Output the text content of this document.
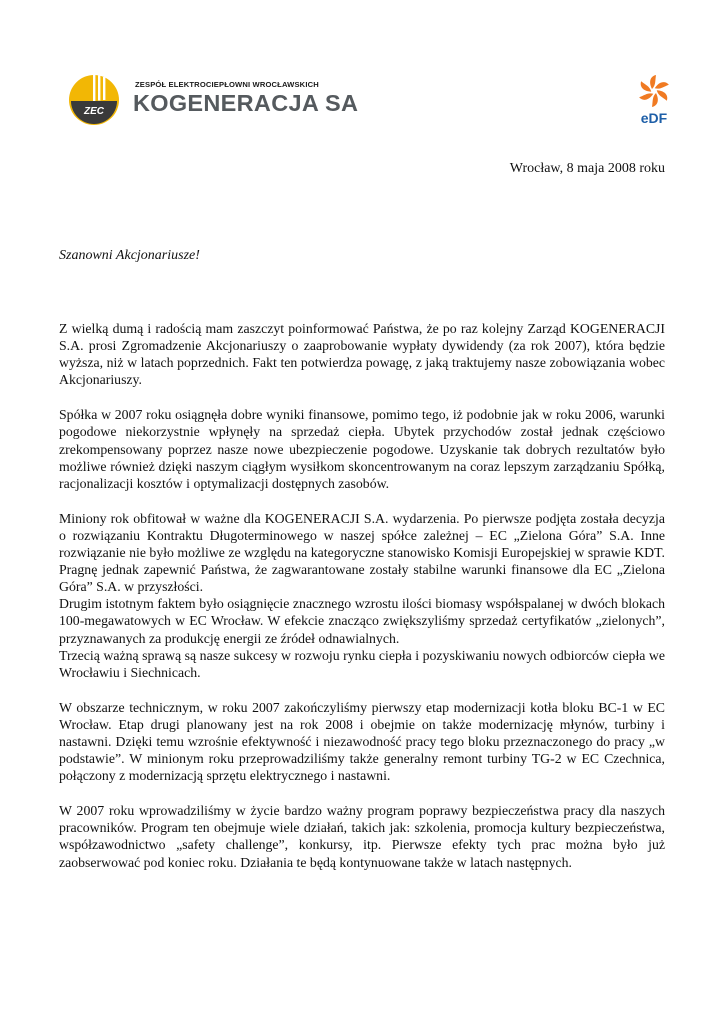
ZEC
ZESPÓŁ ELEKTROCIEPŁOWNI WROCŁAWSKICH
KOGENERACJA SA
eDF
Wrocław, 8 maja 2008 roku
Szanowni Akcjonariusze!

Z wielką dumą i radością mam zaszczyt poinformować Państwa, że po raz kolejny Zarząd KOGENERACJI S.A. prosi Zgromadzenie Akcjonariuszy o zaaprobowanie wypłaty dywidendy (za rok 2007), która będzie wyższa, niż w latach poprzednich. Fakt ten potwierdza powagę, z jaką traktujemy nasze zobowiązania wobec Akcjonariuszy.

Spółka w 2007 roku osiągnęła dobre wyniki finansowe, pomimo tego, iż podobnie jak w roku 2006, warunki pogodowe niekorzystnie wpłynęły na sprzedaż ciepła. Ubytek przychodów został jednak częściowo zrekompensowany poprzez nasze nowe ubezpieczenie pogodowe. Uzyskanie tak dobrych rezultatów było możliwe również dzięki naszym ciągłym wysiłkom skoncentrowanym na coraz lepszym zarządzaniu Spółką, racjonalizacji kosztów i optymalizacji dostępnych zasobów.

Miniony rok obfitował w ważne dla KOGENERACJI S.A. wydarzenia. Po pierwsze podjęta została decyzja o rozwiązaniu Kontraktu Długoterminowego w naszej spółce zależnej – EC „Zielona Góra” S.A. Inne rozwiązanie nie było możliwe ze względu na kategoryczne stanowisko Komisji Europejskiej w sprawie KDT. Pragnę jednak zapewnić Państwa, że zagwarantowane zostały stabilne warunki finansowe dla EC „Zielona Góra” S.A. w przyszłości.

Drugim istotnym faktem było osiągnięcie znacznego wzrostu ilości biomasy współspalanej w dwóch blokach 100-megawatowych w EC Wrocław. W efekcie znacząco zwiększyliśmy sprzedaż certyfikatów „zielonych”, przyznawanych za produkcję energii ze źródeł odnawialnych.

Trzecią ważną sprawą są nasze sukcesy w rozwoju rynku ciepła i pozyskiwaniu nowych odbiorców ciepła we Wrocławiu i Siechnicach.

W obszarze technicznym, w roku 2007 zakończyliśmy pierwszy etap modernizacji kotła bloku BC-1 w EC Wrocław. Etap drugi planowany jest na rok 2008 i obejmie on także modernizację młynów, turbiny i nastawni. Dzięki temu wzrośnie efektywność i niezawodność pracy tego bloku przeznaczonego do pracy „w podstawie”. W minionym roku przeprowadziliśmy także generalny remont turbiny TG-2 w EC Czechnica, połączony z modernizacją sprzętu elektrycznego i nastawni.

W 2007 roku wprowadziliśmy w życie bardzo ważny program poprawy bezpieczeństwa pracy dla naszych pracowników. Program ten obejmuje wiele działań, takich jak: szkolenia, promocja kultury bezpieczeństwa, współzawodnictwo „safety challenge”, konkursy, itp. Pierwsze efekty tych prac można było już zaobserwować pod koniec roku. Działania te będą kontynuowane także w latach następnych.
